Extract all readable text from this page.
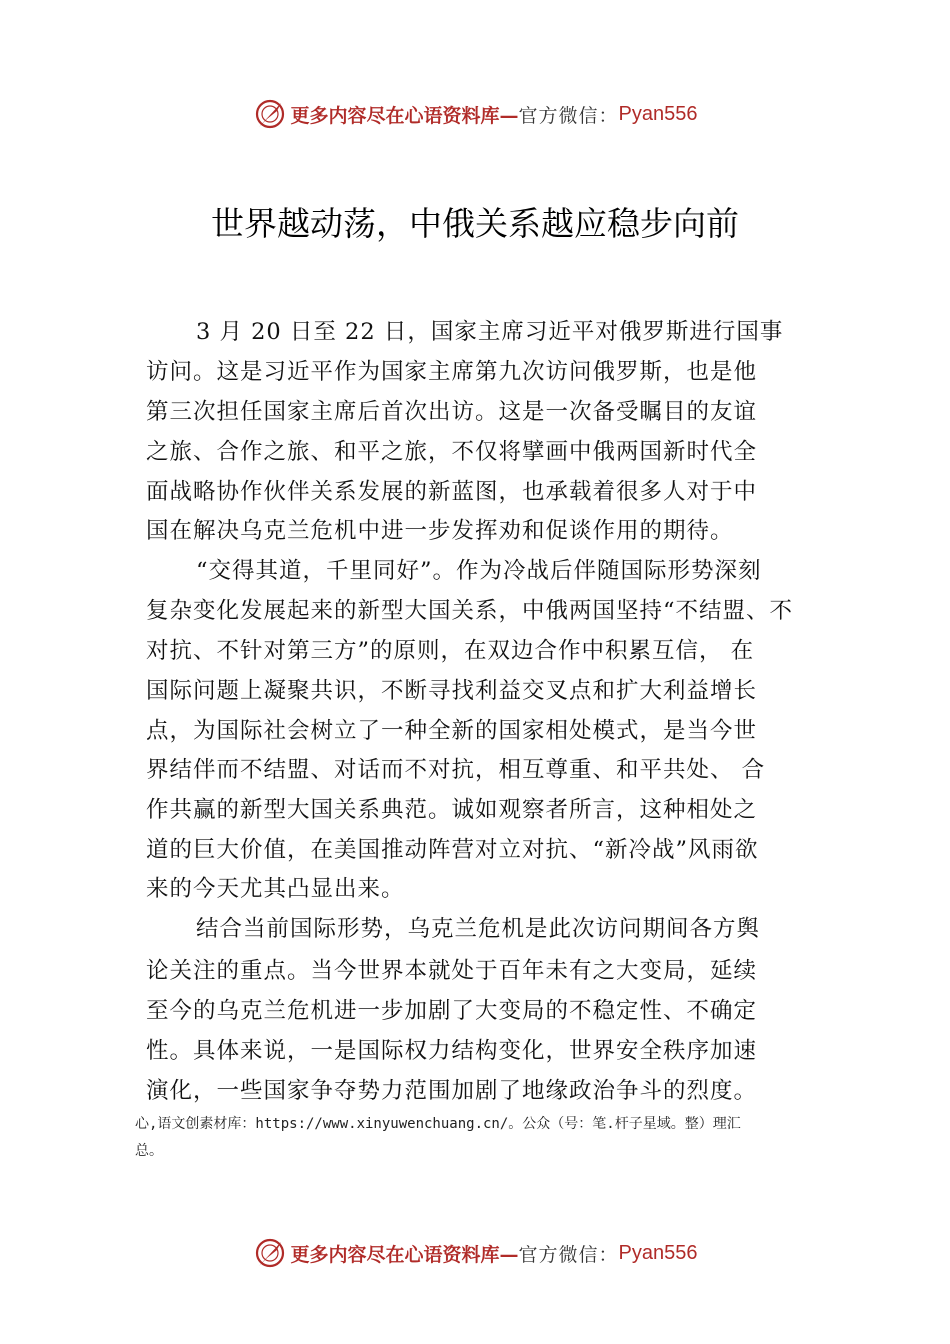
更多内容尽在心语资料库— 官方微信： Pyan556
世界越动荡，中俄关系越应稳步向前
3 月 20 日至 22 日，国家主席习近平对俄罗斯进行国事
访问。这是习近平作为国家主席第九次访问俄罗斯，也是他
第三次担任国家主席后首次出访。这是一次备受瞩目的友谊
之旅、合作之旅、和平之旅，不仅将擘画中俄两国新时代全
面战略协作伙伴关系发展的新蓝图，也承载着很多人对于中
国在解决乌克兰危机中进一步发挥劝和促谈作用的期待。
“交得其道，千里同好”。作为冷战后伴随国际形势深刻
复杂变化发展起来的新型大国关系，中俄两国坚持“不结盟、不
对抗、不针对第三方”的原则，在双边合作中积累互信， 在
国际问题上凝聚共识，不断寻找利益交叉点和扩大利益增长
点，为国际社会树立了一种全新的国家相处模式，是当今世
界结伴而不结盟、对话而不对抗，相互尊重、和平共处、 合
作共赢的新型大国关系典范。诚如观察者所言，这种相处之
道的巨大价值，在美国推动阵营对立对抗、“新冷战”风雨欲
来的今天尤其凸显出来。
结合当前国际形势，乌克兰危机是此次访问期间各方舆
论关注的重点。当今世界本就处于百年未有之大变局，延续
至今的乌克兰危机进一步加剧了大变局的不稳定性、不确定
性。具体来说，一是国际权力结构变化，世界安全秩序加速
演化，一些国家争夺势力范围加剧了地缘政治争斗的烈度。
心,语文创素材库：https://www.xinyuwenchuang.cn/。公众（号：笔.杆子星域。整）理汇
总。
更多内容尽在心语资料库— 官方微信： Pyan556
